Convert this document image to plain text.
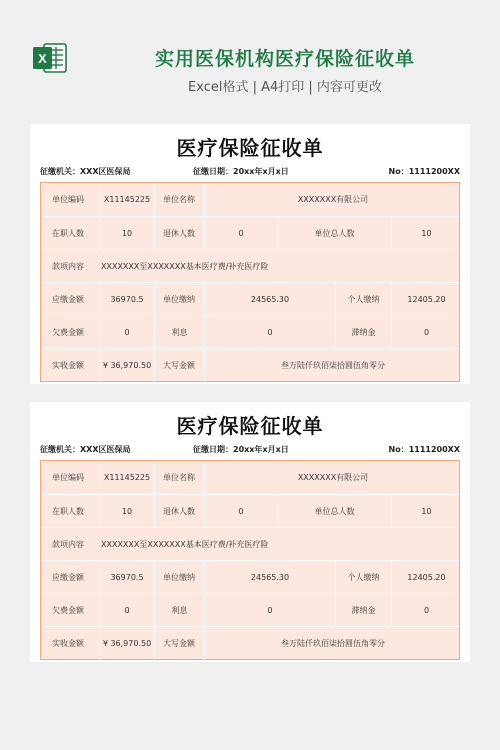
X	实用医保机构医疗保险征收单
Excel格式 | A4打印 | 内容可更改
医疗保险征收单
征缴机关：XXX区医保局	征缴日期：20xx年x月x日	No：1111200XX
单位编码	X11145225	单位名称	XXXXXXX有限公司
在职人数	10	退休人数	0	单位总人数	10
款项内容	XXXXXXX至XXXXXXX基本医疗费/补充医疗险
应缴金额	36970.5	单位缴纳	24565.30	个人缴纳	12405.20
欠费金额	0	利息	0	滞纳金	0
实收金额	¥ 36,970.50	大写金额	叁万陆仟玖佰柒拾圆伍角零分
医疗保险征收单
征缴机关：XXX区医保局	征缴日期：20xx年x月x日	No：1111200XX
单位编码	X11145225	单位名称	XXXXXXX有限公司
在职人数	10	退休人数	0	单位总人数	10
款项内容	XXXXXXX至XXXXXXX基本医疗费/补充医疗险
应缴金额	36970.5	单位缴纳	24565.30	个人缴纳	12405.20
欠费金额	0	利息	0	滞纳金	0
实收金额	¥ 36,970.50	大写金额	叁万陆仟玖佰柒拾圆伍角零分
